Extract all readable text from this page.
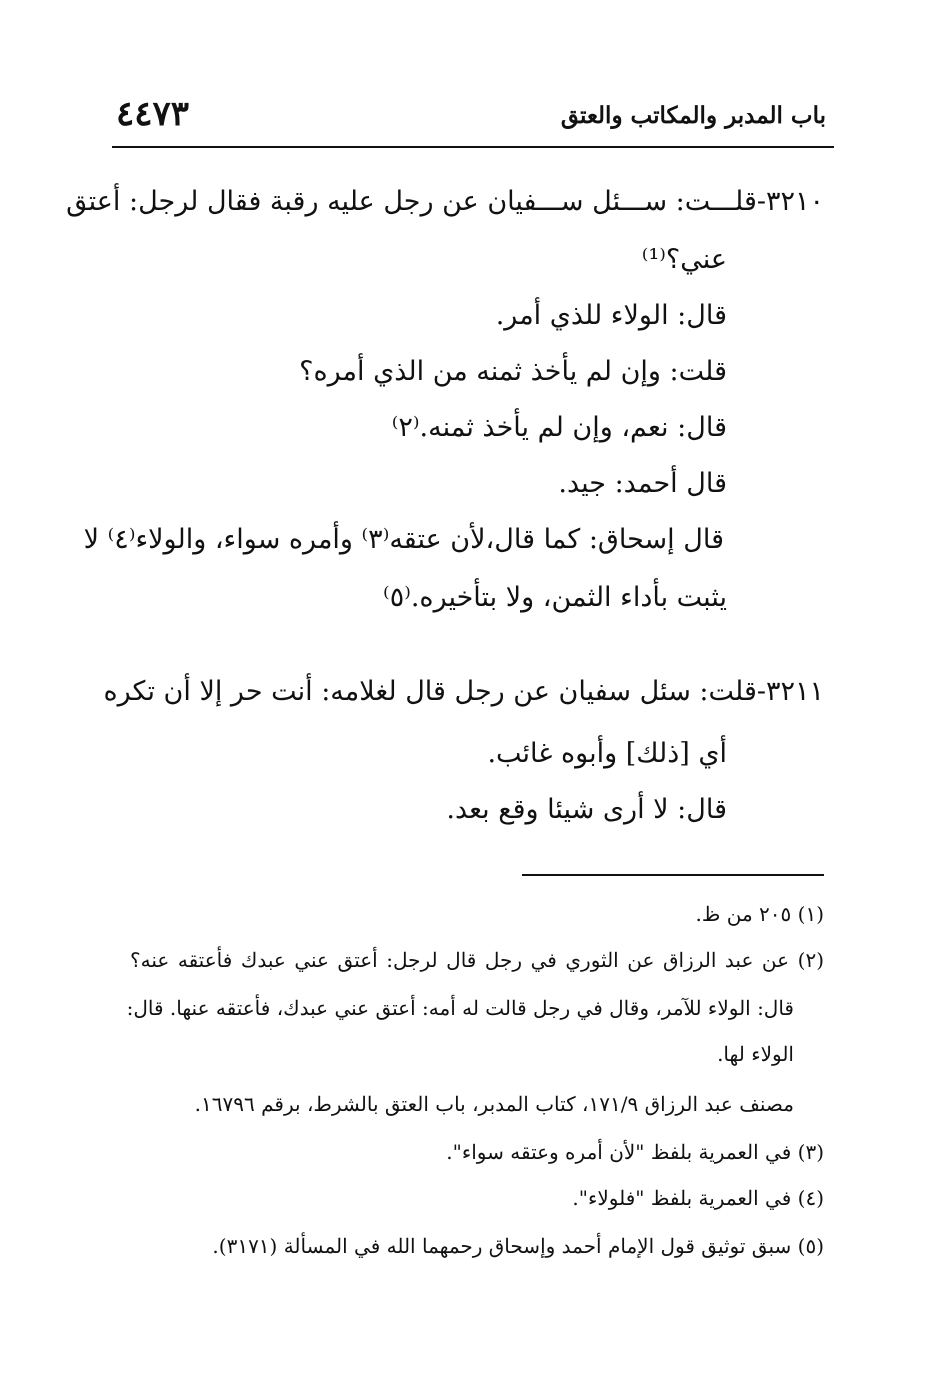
باب المدبر والمكاتب والعتق
٤٤٧٣
٣٢١٠-قلـــت: ســـئل ســـفيان عن رجل عليه رقبة فقال لرجل: أعتق
عني؟⁽¹⁾
قال: الولاء للذي أمر.
قلت: وإن لم يأخذ ثمنه من الذي أمره؟
قال: نعم، وإن لم يأخذ ثمنه.⁽٢⁾
قال أحمد: جيد.
قال إسحاق: كما قال،لأن عتقه⁽٣⁾ وأمره سواء، والولاء⁽٤⁾ لا
يثبت بأداء الثمن، ولا بتأخيره.⁽٥⁾
٣٢١١-قلت: سئل سفيان عن رجل قال لغلامه: أنت حر إلا أن تكره
أي [ذلك] وأبوه غائب.
قال: لا أرى شيئا وقع بعد.
(١) ٢٠٥ من ظ.
(٢) عن عبد الرزاق عن الثوري في رجل قال لرجل: أعتق عني عبدك فأعتقه عنه؟
قال: الولاء للآمر، وقال في رجل قالت له أمه: أعتق عني عبدك، فأعتقه عنها. قال:
الولاء لها.
مصنف عبد الرزاق ١٧١/٩، كتاب المدبر، باب العتق بالشرط، برقم ١٦٧٩٦.
(٣) في العمرية بلفظ "لأن أمره وعتقه سواء".
(٤) في العمرية بلفظ "فلولاء".
(٥) سبق توثيق قول الإمام أحمد وإسحاق رحمهما الله في المسألة (٣١٧١).
